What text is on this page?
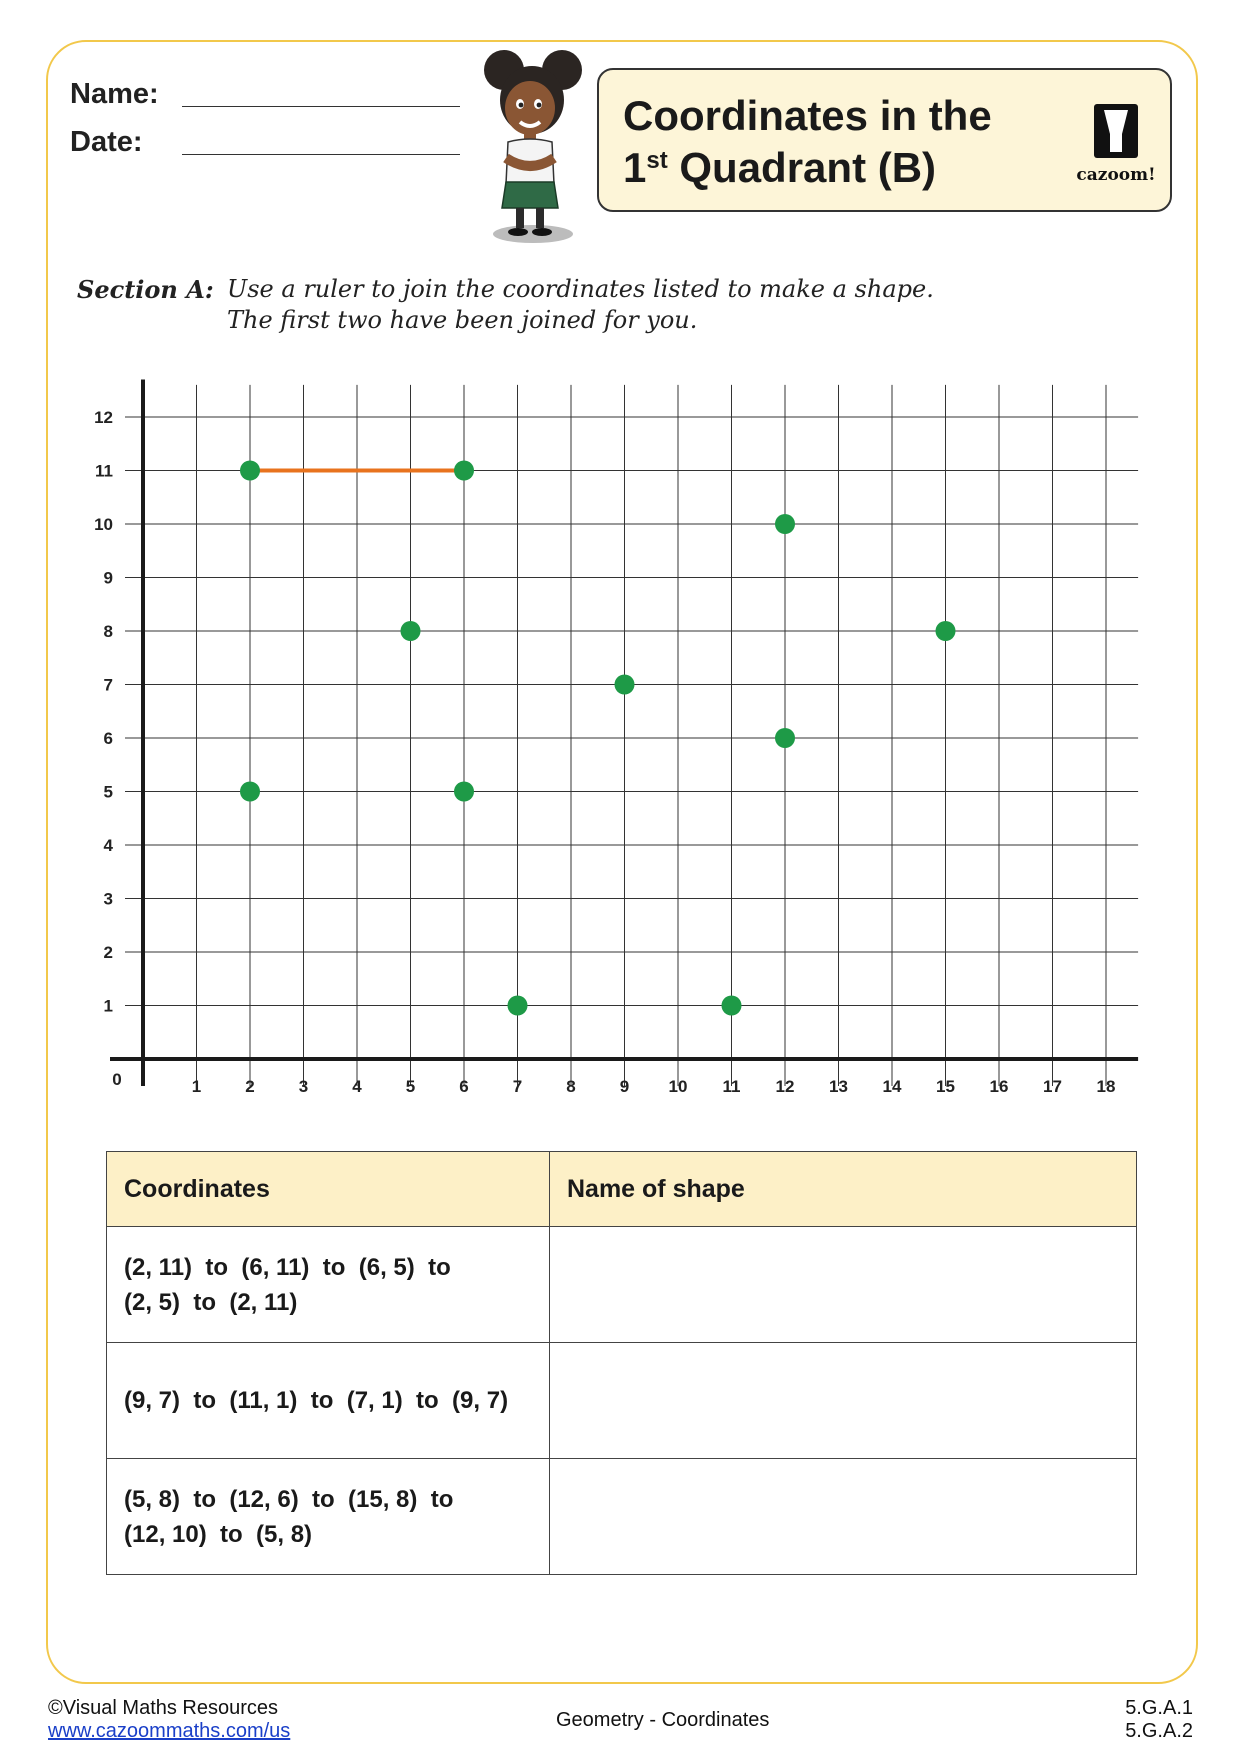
Name:
Date:
Coordinates in the
1st Quadrant (B)	cazoom!
Section A: Use a ruler to join the coordinates listed to make a shape.
The first two have been joined for you.
1	2	3	4	5	6	7	8	9 10 11 12 13 14 15 16 17 18
0
1
2
3
4
5
6
7
8
9
10
11
12
Coordinates	Name of shape

(2, 11)  to  (6, 11)  to  (6, 5)  to
(2, 5)  to  (2, 11)	

(9, 7)  to  (11, 1)  to  (7, 1)  to  (9, 7)	

(5, 8)  to  (12, 6)  to  (15, 8)  to
(12, 10)  to  (5, 8)	

©Visual Maths Resources
www.cazoommaths.com/us	Geometry - Coordinates
5.G.A.1
5.G.A.2
